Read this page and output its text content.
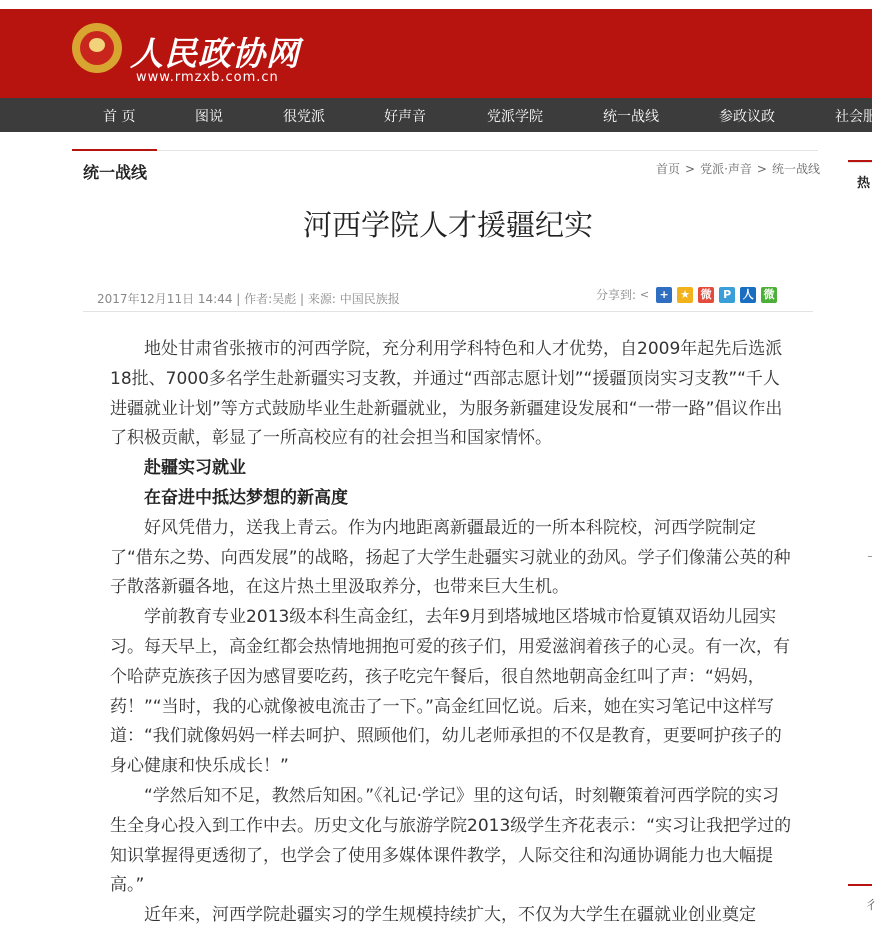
人民政协网
www.rmzxb.com.cn
首 页	图说	很党派	好声音	党派学院	统一战线	参政议政	社会服
统一战线	首页 > 党派·声音 > 统一战线
河西学院人才援疆纪实
2017年12月11日 14:44 | 作者:吴彪 | 来源: 中国民族报	分享到: < + ★ 微 P 人 微

地处甘肃省张掖市的河西学院，充分利用学科特色和人才优势，自2009年起先后选派18批、7000多名学生赴新疆实习支教，并通过“西部志愿计划”“援疆顶岗实习支教”“千人进疆就业计划”等方式鼓励毕业生赴新疆就业，为服务新疆建设发展和“一带一路”倡议作出了积极贡献，彰显了一所高校应有的社会担当和国家情怀。

赴疆实习就业

在奋进中抵达梦想的新高度

好风凭借力，送我上青云。作为内地距离新疆最近的一所本科院校，河西学院制定了“借东之势、向西发展”的战略，扬起了大学生赴疆实习就业的劲风。学子们像蒲公英的种子散落新疆各地，在这片热土里汲取养分，也带来巨大生机。

学前教育专业2013级本科生高金红，去年9月到塔城地区塔城市恰夏镇双语幼儿园实习。每天早上，高金红都会热情地拥抱可爱的孩子们，用爱滋润着孩子的心灵。有一次，有个哈萨克族孩子因为感冒要吃药，孩子吃完午餐后，很自然地朝高金红叫了声：“妈妈，药！”“当时，我的心就像被电流击了一下。”高金红回忆说。后来，她在实习笔记中这样写道：“我们就像妈妈一样去呵护、照顾他们，幼儿老师承担的不仅是教育，更要呵护孩子的身心健康和快乐成长！”

“学然后知不足，教然后知困。”《礼记·学记》里的这句话，时刻鞭策着河西学院的实习生全身心投入到工作中去。历史文化与旅游学院2013级学生齐花表示：“实习让我把学过的知识掌握得更透彻了，也学会了使用多媒体课件教学，人际交往和沟通协调能力也大幅提高。”

近年来，河西学院赴疆实习的学生规模持续扩大，不仅为大学生在疆就业创业奠定

热
彳
